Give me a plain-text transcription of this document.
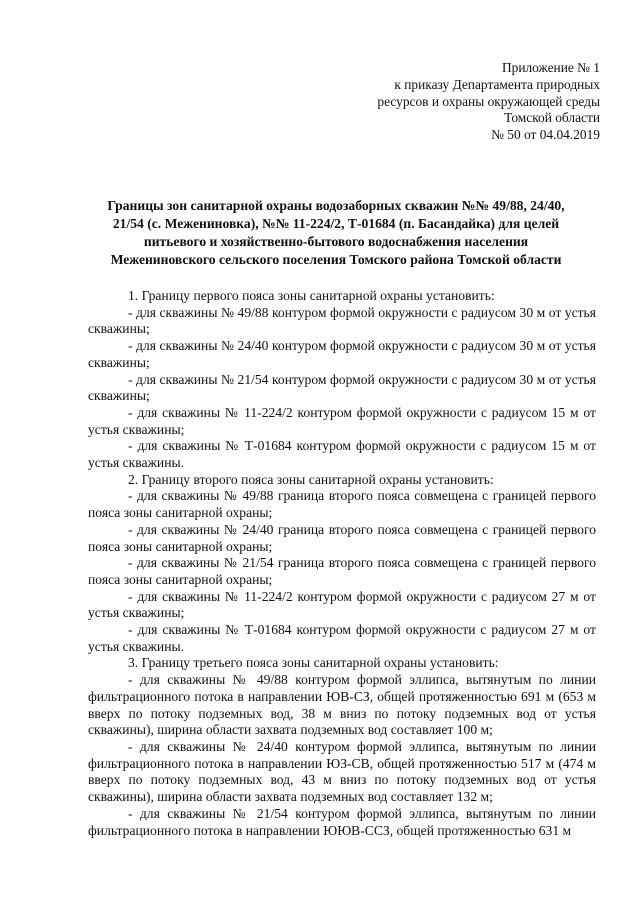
Приложение № 1
к приказу Департамента природных
ресурсов и охраны окружающей среды
Томской области
№ 50 от 04.04.2019
Границы зон санитарной охраны водозаборных скважин №№ 49/88, 24/40,
21/54 (с. Межениновка), №№ 11-224/2, Т-01684 (п. Басандайка) для целей
питьевого и хозяйственно-бытового водоснабжения населения
Межениновского сельского поселения Томского района Томской области

1. Границу первого пояса зоны санитарной охраны установить:

- для скважины № 49/88 контуром формой окружности с радиусом 30 м от устья скважины;

- для скважины № 24/40 контуром формой окружности с радиусом 30 м от устья скважины;

- для скважины № 21/54 контуром формой окружности с радиусом 30 м от устья скважины;

- для скважины № 11-224/2 контуром формой окружности с радиусом 15 м от устья скважины;

- для скважины № Т-01684 контуром формой окружности с радиусом 15 м от устья скважины.

2. Границу второго пояса зоны санитарной охраны установить:

- для скважины № 49/88 граница второго пояса совмещена с границей первого пояса зоны санитарной охраны;

- для скважины № 24/40 граница второго пояса совмещена с границей первого пояса зоны санитарной охраны;

- для скважины № 21/54 граница второго пояса совмещена с границей первого пояса зоны санитарной охраны;

- для скважины № 11-224/2 контуром формой окружности с радиусом 27 м от устья скважины;

- для скважины № Т-01684 контуром формой окружности с радиусом 27 м от устья скважины.

3. Границу третьего пояса зоны санитарной охраны установить:

- для скважины № 49/88 контуром формой эллипса, вытянутым по линии фильтрационного потока в направлении ЮВ-СЗ, общей протяженностью 691 м (653 м вверх по потоку подземных вод, 38 м вниз по потоку подземных вод от устья скважины), ширина области захвата подземных вод составляет 100 м;

- для скважины № 24/40 контуром формой эллипса, вытянутым по линии фильтрационного потока в направлении ЮЗ-СВ, общей протяженностью 517 м (474 м вверх по потоку подземных вод, 43 м вниз по потоку подземных вод от устья скважины), ширина области захвата подземных вод составляет 132 м;

- для скважины № 21/54 контуром формой эллипса, вытянутым по линии фильтрационного потока в направлении ЮЮВ-ССЗ, общей протяженностью 631 м
